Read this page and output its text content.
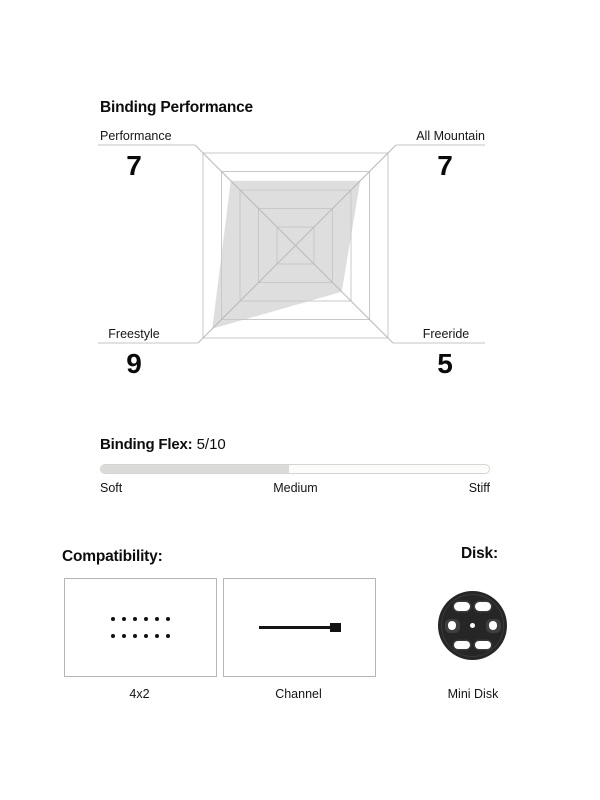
Binding Performance
Performance	All Mountain
Freestyle	Freeride
7	7
9	5
Binding Flex: 5/10
Soft	Medium	Stiff
Compatibility:	Disk:
4x2	Channel	Mini Disk
